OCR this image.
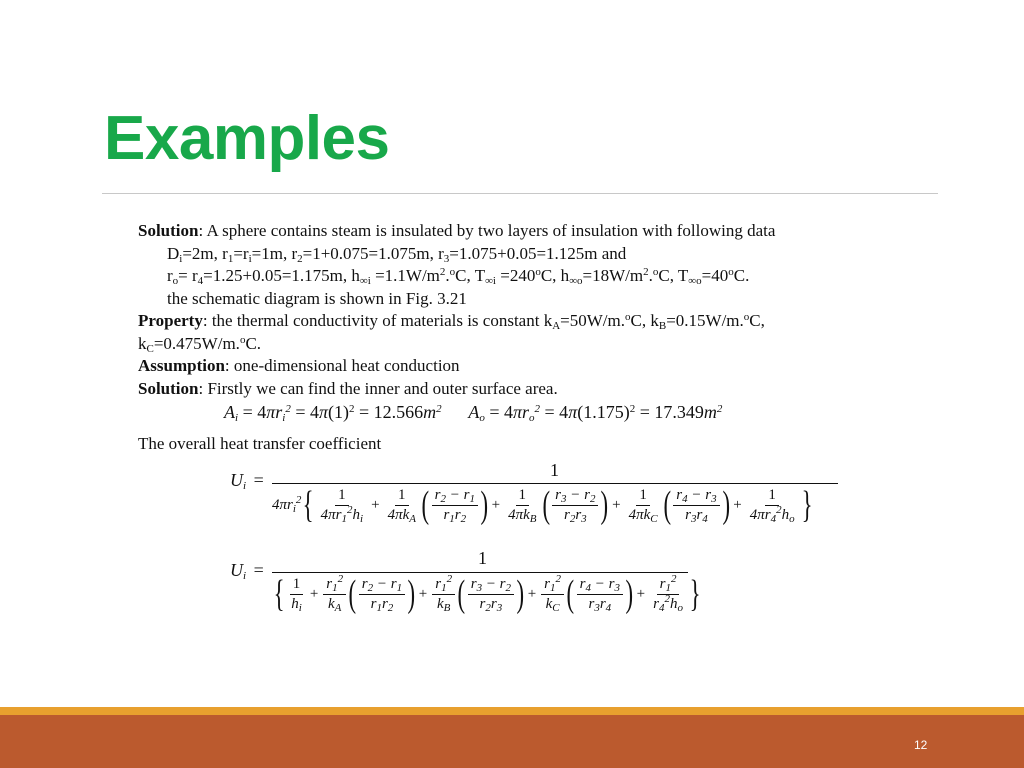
Examples
Solution: A sphere contains steam is insulated by two layers of insulation with following data
$D_i=2m$, $r_1=r_i=1m$, $r_2=1+0.075=1.075m$, $r_3=1.075+0.05=1.125m$ and
$r_o= r_4=1.25+0.05=1.175m$, $h_{\infty i} =1.1W/m^2.^oC$, $T_{\infty i} =240^oC$, $h_{\infty o}=18W/m^2.^oC$, $T_{\infty o}=40^oC$.
the schematic diagram is shown in Fig. 3.21
Property: the thermal conductivity of materials is constant $k_A=50W/m.^oC$, $k_B=0.15W/m.^oC$,
$k_C=0.475W/m.^oC$.
Assumption: one-dimensional heat conduction
Solution: Firstly we can find the inner and outer surface area.
$A_i = 4\pi r_i^2 = 4\pi(1)^2 = 12.566m^2$ $A_o = 4\pi r_o^2 = 4\pi(1.175)^2 = 17.349m^2$
The overall heat transfer coefficient
$U_i$ =	1
$4\pi r_i^2$ { $\frac{1}{4\pi r_1^2h_i} + \frac{1}{4\pi k_A}$ ( $\frac{r_2 - r_1}{r_1r_2}$ ) + $\frac{1}{4\pi k_B}$ ( $\frac{r_3 - r_2}{r_2r_3}$ ) + $\frac{1}{4\pi k_C}$ ( $\frac{r_4 - r_3}{r_3r_4}$ ) + $\frac{1}{4\pi r_4^2h_o}$ }
$U_i$ =
1
{ $\frac{1}{h_i} + \frac{r_1^2}{k_A}$ ( $\frac{r_2 - r_1}{r_1r_2}$ ) + $\frac{r_1^2}{k_B}$ ( $\frac{r_3 - r_2}{r_2r_3}$ ) + $\frac{r_1^2}{k_C}$ ( $\frac{r_4 - r_3}{r_3r_4}$ ) + $\frac{r_1^2}{r_4^2h_o}$ }
12
